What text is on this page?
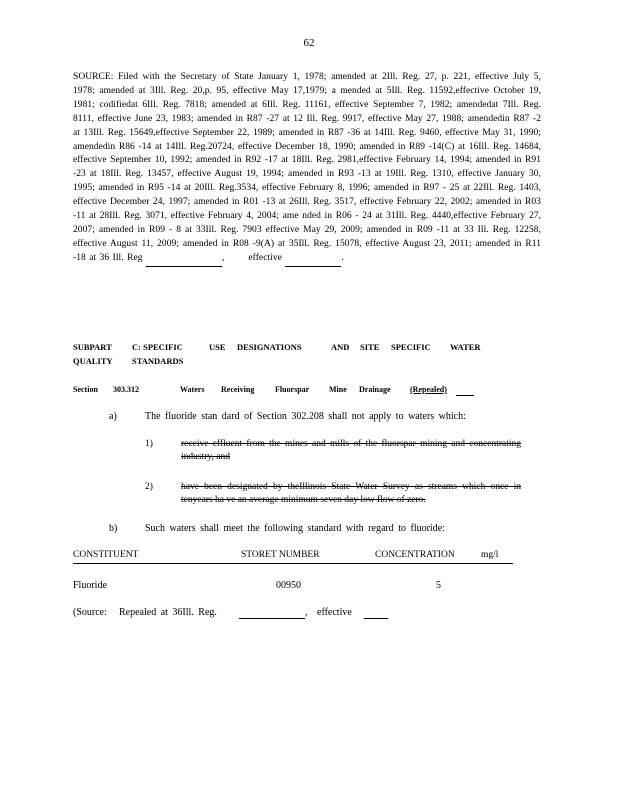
62
SOURCE: Filed with the Secretary of State January 1, 1978; amended at 2Ill. Reg. 27, p. 221, effective July 5, 1978; amended at 3Ill. Reg. 20,p. 95, effective May 17,1979; a mended at 5Ill. Reg. 11592,effective October 19, 1981; codifiedat 6Ill. Reg. 7818; amended at 6Ill. Reg. 11161, effective September 7, 1982; amendedat 7Ill. Reg. 8111, effective June 23, 1983; amended in R87 -27 at 12 Ill. Reg. 9917, effective May 27, 1988; amendedin R87 -2 at 13Ill. Reg. 15649,effective September 22, 1989; amended in R87 -36 at 14Ill. Reg. 9460, effective May 31, 1990; amendedin R86 -14 at 14Ill. Reg.20724, effective December 18, 1990; amended in R89 -14(C) at 16Ill. Reg. 14684, effective September 10, 1992; amended in R92 -17 at 18Ill. Reg. 2981,effective February 14, 1994; amended in R91 -23 at 18Ill. Reg. 13457, effective August 19, 1994; amended in R93 -13 at 19Ill. Reg. 1310, effective January 30, 1995; amended in R95 -14 at 20Ill. Reg.3534, effective February 8, 1996; amended in R97 - 25 at 22Ill. Reg. 1403, effective December 24, 1997; amended in R01 -13 at 26Ill. Reg. 3517, effective February 22, 2002; amended in R03 -11 at 28Ill. Reg. 3071, effective February 4, 2004; ame nded in R06 - 24 at 31Ill. Reg. 4440,effective February 27, 2007; amended in R09 - 8 at 33Ill. Reg. 7903 effective May 29, 2009; amended in R09 -11 at 33 Ill. Reg. 12258, effective August 11, 2009; amended in R08 -9(A) at 35Ill. Reg. 15078, effective August 23, 2011; amended in R11 -18 at 36 Ill. Reg	,	effective	.
SUBPART C: SPECIFIC	USE DESIGNATIONS	AND SITE SPECIFIC WATER
QUALITY STANDARDS
Section 303.312	Waters Receiving	Fluorspar Mine Drainage (Repealed)
a)	The fluoride stan dard of Section 302.208 shall not apply to waters which:
1)	receive effluent from the mines and mills of the fluorspar mining and concentrating industry, and
2)	have been designated by theIllinois State Water Survey as streams which once in tenyears ha ve an average minimum seven day low flow of zero.
b)	Such waters shall meet the following standard with regard to fluoride:
CONSTITUENT	STORET NUMBER	CONCENTRATION	mg/l
Fluoride	00950	5
(Source: Repealed at 36Ill. Reg.	, effective
